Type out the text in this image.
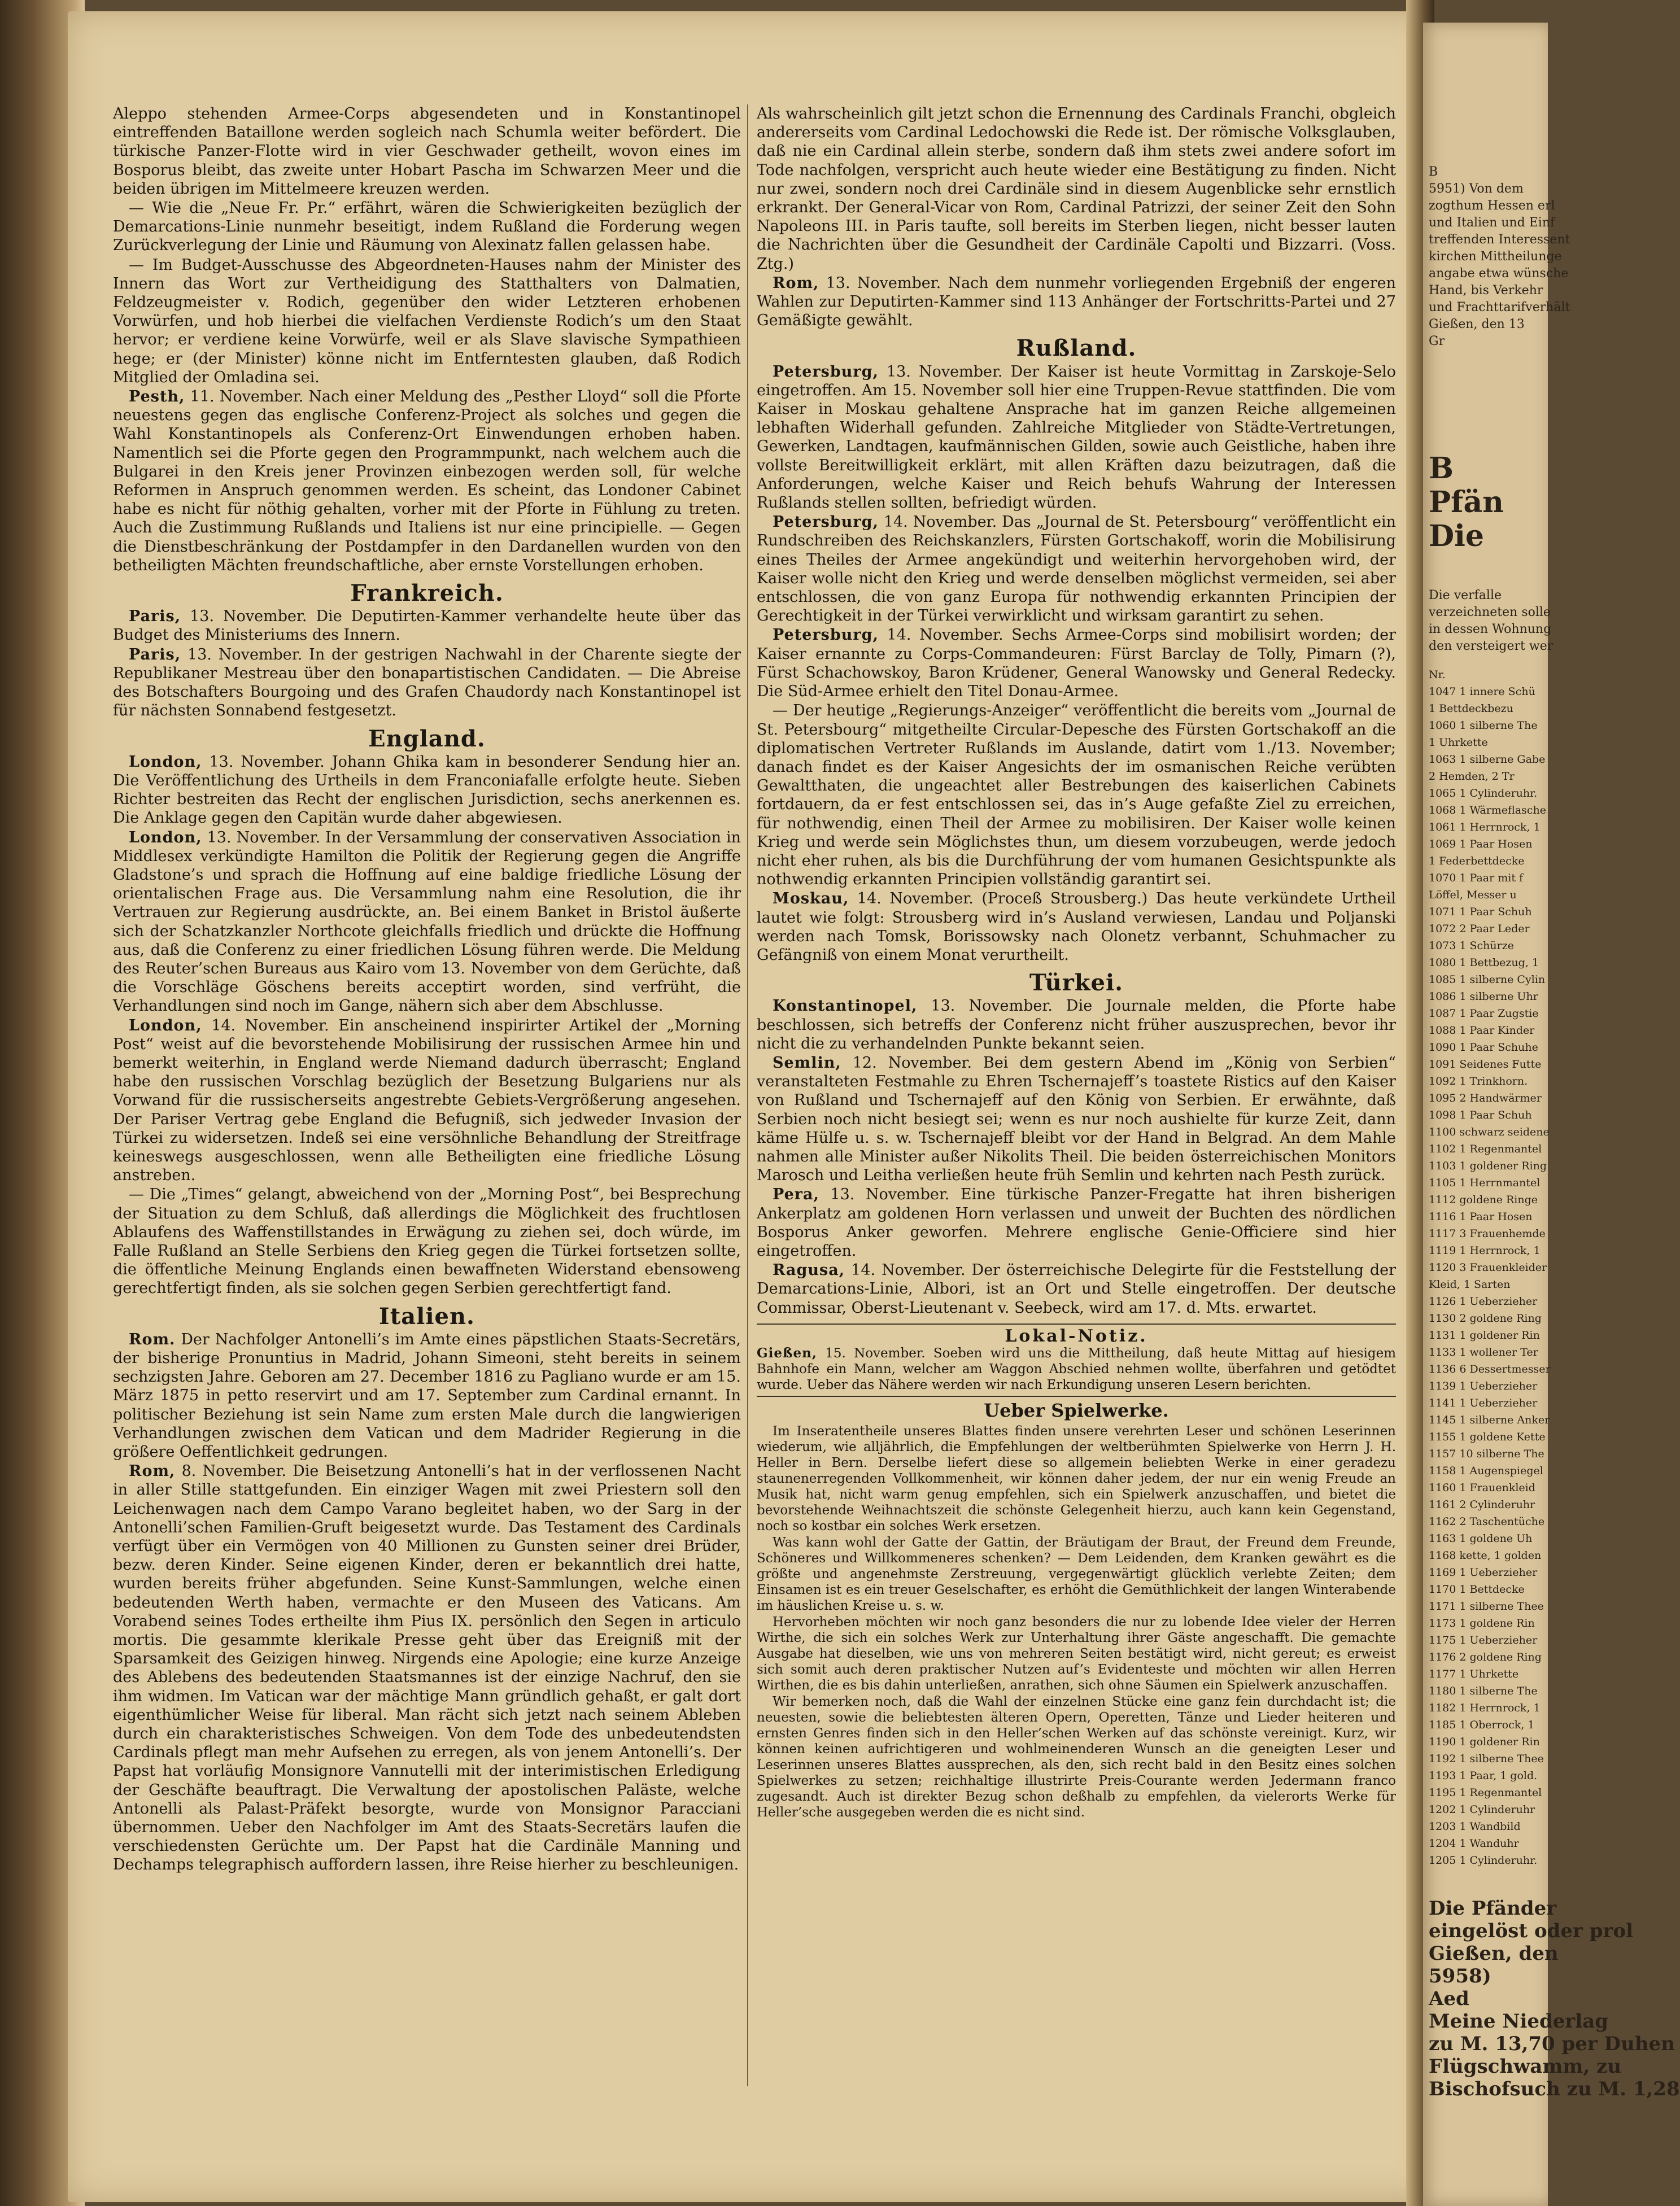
B
5951) Von dem
zogthum Hessen erl
und Italien und Einf
treffenden Interessent
kirchen Mittheilunge
angabe etwa wünsche
Hand, bis Verkehr
und Frachttarifverhält
Gießen, den 13
Gr
B
Pfän
Die
Die verfalle
verzeichneten solle
in dessen Wohnung
den versteigert wer
Nr.
1047 1 innere Schü
1 Bettdeckbezu
1060 1 silberne The
1 Uhrkette
1063 1 silberne Gabe
2 Hemden, 2 Tr
1065 1 Cylinderuhr.
1068 1 Wärmeflasche
1061 1 Herrnrock, 1
1069 1 Paar Hosen
1 Federbettdecke
1070 1 Paar mit f
Löffel, Messer u
1071 1 Paar Schuh
1072 2 Paar Leder
1073 1 Schürze
1080 1 Bettbezug, 1
1085 1 silberne Cylin
1086 1 silberne Uhr
1087 1 Paar Zugstie
1088 1 Paar Kinder
1090 1 Paar Schuhe
1091 Seidenes Futte
1092 1 Trinkhorn.
1095 2 Handwärmer
1098 1 Paar Schuh
1100 schwarz seidene
1102 1 Regenmantel
1103 1 goldener Ring
1105 1 Herrnmantel
1112 goldene Ringe
1116 1 Paar Hosen
1117 3 Frauenhemde
1119 1 Herrnrock, 1
1120 3 Frauenkleider
Kleid, 1 Sarten
1126 1 Ueberzieher
1130 2 goldene Ring
1131 1 goldener Rin
1133 1 wollener Ter
1136 6 Dessertmesser
1139 1 Ueberzieher
1141 1 Ueberzieher
1145 1 silberne Anker
1155 1 goldene Kette
1157 10 silberne The
1158 1 Augenspiegel
1160 1 Frauenkleid
1161 2 Cylinderuhr
1162 2 Taschentüche
1163 1 goldene Uh
1168 kette, 1 golden
1169 1 Ueberzieher
1170 1 Bettdecke
1171 1 silberne Thee
1173 1 goldene Rin
1175 1 Ueberzieher
1176 2 goldene Ring
1177 1 Uhrkette
1180 1 silberne The
1182 1 Herrnrock, 1
1185 1 Oberrock, 1
1190 1 goldener Rin
1192 1 silberne Thee
1193 1 Paar, 1 gold.
1195 1 Regenmantel
1202 1 Cylinderuhr
1203 1 Wandbild
1204 1 Wanduhr
1205 1 Cylinderuhr.
Die Pfänder
eingelöst oder prol
Gießen, den
5958)
Aed
Meine Niederlag
zu M. 13,70 per Duhen
Flügschwamm, zu
Bischofsuch zu M. 1,28

Aleppo stehenden Armee-Corps abgesendeten und in Konstantinopel eintreffenden Bataillone werden sogleich nach Schumla weiter befördert. Die türkische Panzer-Flotte wird in vier Geschwader getheilt, wovon eines im Bosporus bleibt, das zweite unter Hobart Pascha im Schwarzen Meer und die beiden übrigen im Mittelmeere kreuzen werden.

— Wie die „Neue Fr. Pr.“ erfährt, wären die Schwierigkeiten bezüglich der Demarcations-Linie nunmehr beseitigt, indem Rußland die Forderung wegen Zurückverlegung der Linie und Räumung von Alexinatz fallen gelassen habe.

— Im Budget-Ausschusse des Abgeordneten-Hauses nahm der Minister des Innern das Wort zur Vertheidigung des Statthalters von Dalmatien, Feldzeugmeister v. Rodich, gegenüber den wider Letzteren erhobenen Vorwürfen, und hob hierbei die vielfachen Verdienste Rodich’s um den Staat hervor; er verdiene keine Vorwürfe, weil er als Slave slavische Sympathieen hege; er (der Minister) könne nicht im Entferntesten glauben, daß Rodich Mitglied der Omladina sei.

Pesth, 11. November. Nach einer Meldung des „Pesther Lloyd“ soll die Pforte neuestens gegen das englische Conferenz-Project als solches und gegen die Wahl Konstantinopels als Conferenz-Ort Einwendungen erhoben haben. Namentlich sei die Pforte gegen den Programmpunkt, nach welchem auch die Bulgarei in den Kreis jener Provinzen einbezogen werden soll, für welche Reformen in Anspruch genommen werden. Es scheint, das Londoner Cabinet habe es nicht für nöthig gehalten, vorher mit der Pforte in Fühlung zu treten. Auch die Zustimmung Rußlands und Italiens ist nur eine principielle. — Gegen die Dienstbeschränkung der Postdampfer in den Dardanellen wurden von den betheiligten Mächten freundschaftliche, aber ernste Vorstellungen erhoben.

Frankreich.

Paris, 13. November. Die Deputirten-Kammer verhandelte heute über das Budget des Ministeriums des Innern.

Paris, 13. November. In der gestrigen Nachwahl in der Charente siegte der Republikaner Mestreau über den bonapartistischen Candidaten. — Die Abreise des Botschafters Bourgoing und des Grafen Chaudordy nach Konstantinopel ist für nächsten Sonnabend festgesetzt.

England.

London, 13. November. Johann Ghika kam in besonderer Sendung hier an. Die Veröffentlichung des Urtheils in dem Franconiafalle erfolgte heute. Sieben Richter bestreiten das Recht der englischen Jurisdiction, sechs anerkennen es. Die Anklage gegen den Capitän wurde daher abgewiesen.

London, 13. November. In der Versammlung der conservativen Association in Middlesex verkündigte Hamilton die Politik der Regierung gegen die Angriffe Gladstone’s und sprach die Hoffnung auf eine baldige friedliche Lösung der orientalischen Frage aus. Die Versammlung nahm eine Resolution, die ihr Vertrauen zur Regierung ausdrückte, an. Bei einem Banket in Bristol äußerte sich der Schatzkanzler Northcote gleichfalls friedlich und drückte die Hoffnung aus, daß die Conferenz zu einer friedlichen Lösung führen werde. Die Meldung des Reuter’schen Bureaus aus Kairo vom 13. November von dem Gerüchte, daß die Vorschläge Göschens bereits acceptirt worden, sind verfrüht, die Verhandlungen sind noch im Gange, nähern sich aber dem Abschlusse.

London, 14. November. Ein anscheinend inspirirter Artikel der „Morning Post“ weist auf die bevorstehende Mobilisirung der russischen Armee hin und bemerkt weiterhin, in England werde Niemand dadurch überrascht; England habe den russischen Vorschlag bezüglich der Besetzung Bulgariens nur als Vorwand für die russischerseits angestrebte Gebiets-Vergrößerung angesehen. Der Pariser Vertrag gebe England die Befugniß, sich jedweder Invasion der Türkei zu widersetzen. Indeß sei eine versöhnliche Behandlung der Streitfrage keineswegs ausgeschlossen, wenn alle Betheiligten eine friedliche Lösung anstreben.

— Die „Times“ gelangt, abweichend von der „Morning Post“, bei Besprechung der Situation zu dem Schluß, daß allerdings die Möglichkeit des fruchtlosen Ablaufens des Waffenstillstandes in Erwägung zu ziehen sei, doch würde, im Falle Rußland an Stelle Serbiens den Krieg gegen die Türkei fortsetzen sollte, die öffentliche Meinung Englands einen bewaffneten Widerstand ebensoweng gerechtfertigt finden, als sie solchen gegen Serbien gerechtfertigt fand.

Italien.

Rom. Der Nachfolger Antonelli’s im Amte eines päpstlichen Staats-Secretärs, der bisherige Pronuntius in Madrid, Johann Simeoni, steht bereits in seinem sechzigsten Jahre. Geboren am 27. December 1816 zu Pagliano wurde er am 15. März 1875 in petto reservirt und am 17. September zum Cardinal ernannt. In politischer Beziehung ist sein Name zum ersten Male durch die langwierigen Verhandlungen zwischen dem Vatican und dem Madrider Regierung in die größere Oeffentlichkeit gedrungen.

Rom, 8. November. Die Beisetzung Antonelli’s hat in der verflossenen Nacht in aller Stille stattgefunden. Ein einziger Wagen mit zwei Priestern soll den Leichenwagen nach dem Campo Varano begleitet haben, wo der Sarg in der Antonelli’schen Familien-Gruft beigesetzt wurde. Das Testament des Cardinals verfügt über ein Vermögen von 40 Millionen zu Gunsten seiner drei Brüder, bezw. deren Kinder. Seine eigenen Kinder, deren er bekanntlich drei hatte, wurden bereits früher abgefunden. Seine Kunst-Sammlungen, welche einen bedeutenden Werth haben, vermachte er den Museen des Vaticans. Am Vorabend seines Todes ertheilte ihm Pius IX. persönlich den Segen in articulo mortis. Die gesammte klerikale Presse geht über das Ereigniß mit der Sparsamkeit des Geizigen hinweg. Nirgends eine Apologie; eine kurze Anzeige des Ablebens des bedeutenden Staatsmannes ist der einzige Nachruf, den sie ihm widmen. Im Vatican war der mächtige Mann gründlich gehaßt, er galt dort eigenthümlicher Weise für liberal. Man rächt sich jetzt nach seinem Ableben durch ein charakteristisches Schweigen. Von dem Tode des unbedeutendsten Cardinals pflegt man mehr Aufsehen zu erregen, als von jenem Antonelli’s. Der Papst hat vorläufig Monsignore Vannutelli mit der interimistischen Erledigung der Geschäfte beauftragt. Die Verwaltung der apostolischen Paläste, welche Antonelli als Palast-Präfekt besorgte, wurde von Monsignor Paracciani übernommen. Ueber den Nachfolger im Amt des Staats-Secretärs laufen die verschiedensten Gerüchte um. Der Papst hat die Cardinäle Manning und Dechamps telegraphisch auffordern lassen, ihre Reise hierher zu beschleunigen.

Als wahrscheinlich gilt jetzt schon die Ernennung des Cardinals Franchi, obgleich andererseits vom Cardinal Ledochowski die Rede ist. Der römische Volksglauben, daß nie ein Cardinal allein sterbe, sondern daß ihm stets zwei andere sofort im Tode nachfolgen, verspricht auch heute wieder eine Bestätigung zu finden. Nicht nur zwei, sondern noch drei Cardinäle sind in diesem Augenblicke sehr ernstlich erkrankt. Der General-Vicar von Rom, Cardinal Patrizzi, der seiner Zeit den Sohn Napoleons III. in Paris taufte, soll bereits im Sterben liegen, nicht besser lauten die Nachrichten über die Gesundheit der Cardinäle Capolti und Bizzarri. (Voss. Ztg.)

Rom, 13. November. Nach dem nunmehr vorliegenden Ergebniß der engeren Wahlen zur Deputirten-Kammer sind 113 Anhänger der Fortschritts-Partei und 27 Gemäßigte gewählt.

Rußland.

Petersburg, 13. November. Der Kaiser ist heute Vormittag in Zarskoje-Selo eingetroffen. Am 15. November soll hier eine Truppen-Revue stattfinden. Die vom Kaiser in Moskau gehaltene Ansprache hat im ganzen Reiche allgemeinen lebhaften Widerhall gefunden. Zahlreiche Mitglieder von Städte-Vertretungen, Gewerken, Landtagen, kaufmännischen Gilden, sowie auch Geistliche, haben ihre vollste Bereitwilligkeit erklärt, mit allen Kräften dazu beizutragen, daß die Anforderungen, welche Kaiser und Reich behufs Wahrung der Interessen Rußlands stellen sollten, befriedigt würden.

Petersburg, 14. November. Das „Journal de St. Petersbourg“ veröffentlicht ein Rundschreiben des Reichskanzlers, Fürsten Gortschakoff, worin die Mobilisirung eines Theiles der Armee angekündigt und weiterhin hervorgehoben wird, der Kaiser wolle nicht den Krieg und werde denselben möglichst vermeiden, sei aber entschlossen, die von ganz Europa für nothwendig erkannten Principien der Gerechtigkeit in der Türkei verwirklicht und wirksam garantirt zu sehen.

Petersburg, 14. November. Sechs Armee-Corps sind mobilisirt worden; der Kaiser ernannte zu Corps-Commandeuren: Fürst Barclay de Tolly, Pimarn (?), Fürst Schachowskoy, Baron Krüdener, General Wanowsky und General Redecky. Die Süd-Armee erhielt den Titel Donau-Armee.

— Der heutige „Regierungs-Anzeiger“ veröffentlicht die bereits vom „Journal de St. Petersbourg“ mitgetheilte Circular-Depesche des Fürsten Gortschakoff an die diplomatischen Vertreter Rußlands im Auslande, datirt vom 1./13. November; danach findet es der Kaiser Angesichts der im osmanischen Reiche verübten Gewaltthaten, die ungeachtet aller Bestrebungen des kaiserlichen Cabinets fortdauern, da er fest entschlossen sei, das in’s Auge gefaßte Ziel zu erreichen, für nothwendig, einen Theil der Armee zu mobilisiren. Der Kaiser wolle keinen Krieg und werde sein Möglichstes thun, um diesem vorzubeugen, werde jedoch nicht eher ruhen, als bis die Durchführung der vom humanen Gesichtspunkte als nothwendig erkannten Principien vollständig garantirt sei.

Moskau, 14. November. (Proceß Strousberg.) Das heute verkündete Urtheil lautet wie folgt: Strousberg wird in’s Ausland verwiesen, Landau und Poljanski werden nach Tomsk, Borissowsky nach Olonetz verbannt, Schuhmacher zu Gefängniß von einem Monat verurtheilt.

Türkei.

Konstantinopel, 13. November. Die Journale melden, die Pforte habe beschlossen, sich betreffs der Conferenz nicht früher auszusprechen, bevor ihr nicht die zu verhandelnden Punkte bekannt seien.

Semlin, 12. November. Bei dem gestern Abend im „König von Serbien“ veranstalteten Festmahle zu Ehren Tschernajeff’s toastete Ristics auf den Kaiser von Rußland und Tschernajeff auf den König von Serbien. Er erwähnte, daß Serbien noch nicht besiegt sei; wenn es nur noch aushielte für kurze Zeit, dann käme Hülfe u. s. w. Tschernajeff bleibt vor der Hand in Belgrad. An dem Mahle nahmen alle Minister außer Nikolits Theil. Die beiden österreichischen Monitors Marosch und Leitha verließen heute früh Semlin und kehrten nach Pesth zurück.

Pera, 13. November. Eine türkische Panzer-Fregatte hat ihren bisherigen Ankerplatz am goldenen Horn verlassen und unweit der Buchten des nördlichen Bosporus Anker geworfen. Mehrere englische Genie-Officiere sind hier eingetroffen.

Ragusa, 14. November. Der österreichische Delegirte für die Feststellung der Demarcations-Linie, Albori, ist an Ort und Stelle eingetroffen. Der deutsche Commissar, Oberst-Lieutenant v. Seebeck, wird am 17. d. Mts. erwartet.

Lokal-Notiz.

Gießen, 15. November. Soeben wird uns die Mittheilung, daß heute Mittag auf hiesigem Bahnhofe ein Mann, welcher am Waggon Abschied nehmen wollte, überfahren und getödtet wurde. Ueber das Nähere werden wir nach Erkundigung unseren Lesern berichten.

Ueber Spielwerke.

Im Inseratentheile unseres Blattes finden unsere verehrten Leser und schönen Leserinnen wiederum, wie alljährlich, die Empfehlungen der weltberühmten Spielwerke von Herrn J. H. Heller in Bern. Derselbe liefert diese so allgemein beliebten Werke in einer geradezu staunenerregenden Vollkommenheit, wir können daher jedem, der nur ein wenig Freude an Musik hat, nicht warm genug empfehlen, sich ein Spielwerk anzuschaffen, und bietet die bevorstehende Weihnachtszeit die schönste Gelegenheit hierzu, auch kann kein Gegenstand, noch so kostbar ein solches Werk ersetzen.

Was kann wohl der Gatte der Gattin, der Bräutigam der Braut, der Freund dem Freunde, Schöneres und Willkommeneres schenken? — Dem Leidenden, dem Kranken gewährt es die größte und angenehmste Zerstreuung, vergegenwärtigt glücklich verlebte Zeiten; dem Einsamen ist es ein treuer Geselschafter, es erhöht die Gemüthlichkeit der langen Winterabende im häuslichen Kreise u. s. w.

Hervorheben möchten wir noch ganz besonders die nur zu lobende Idee vieler der Herren Wirthe, die sich ein solches Werk zur Unterhaltung ihrer Gäste angeschafft. Die gemachte Ausgabe hat dieselben, wie uns von mehreren Seiten bestätigt wird, nicht gereut; es erweist sich somit auch deren praktischer Nutzen auf’s Evidenteste und möchten wir allen Herren Wirthen, die es bis dahin unterließen, anrathen, sich ohne Säumen ein Spielwerk anzuschaffen.

Wir bemerken noch, daß die Wahl der einzelnen Stücke eine ganz fein durchdacht ist; die neuesten, sowie die beliebtesten älteren Opern, Operetten, Tänze und Lieder heiteren und ernsten Genres finden sich in den Heller’schen Werken auf das schönste vereinigt. Kurz, wir können keinen aufrichtigeren und wohlmeinenderen Wunsch an die geneigten Leser und Leserinnen unseres Blattes aussprechen, als den, sich recht bald in den Besitz eines solchen Spielwerkes zu setzen; reichhaltige illustrirte Preis-Courante werden Jedermann franco zugesandt. Auch ist direkter Bezug schon deßhalb zu empfehlen, da vielerorts Werke für Heller’sche ausgegeben werden die es nicht sind.
